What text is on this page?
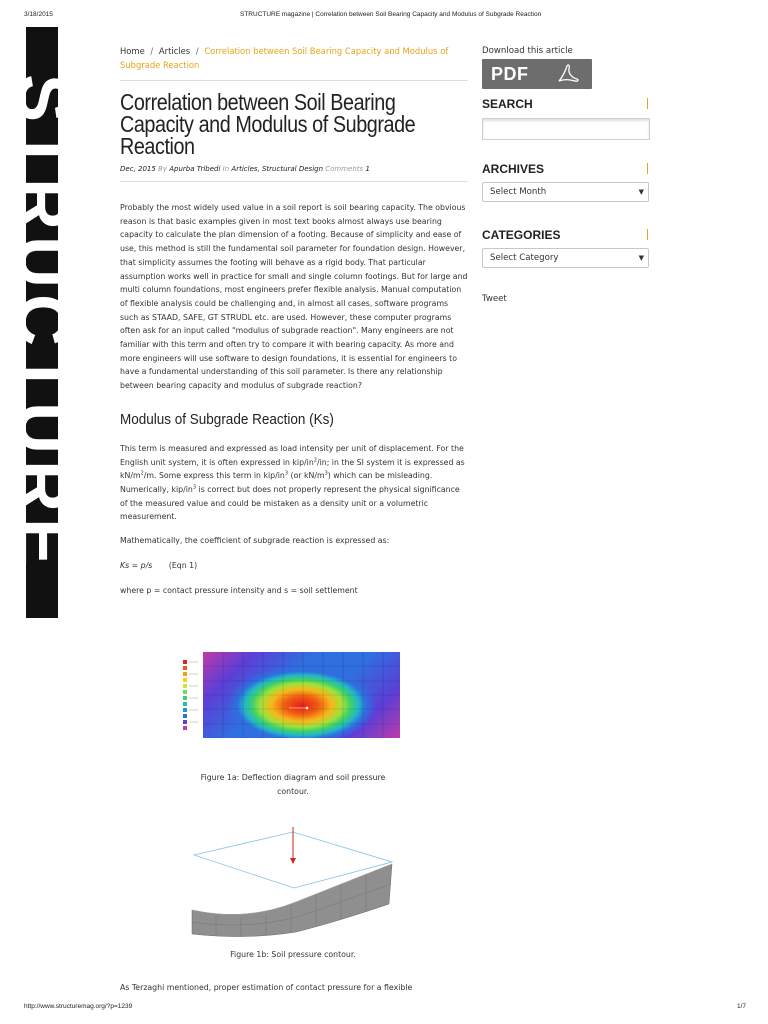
3/18/2015	STRUCTURE magazine | Correlation between Soil Bearing Capacity and Modulus of Subgrade Reaction
STRUCTURE
Home / Articles / Correlation between Soil Bearing Capacity and Modulus of Subgrade Reaction
Correlation between Soil Bearing Capacity and Modulus of Subgrade Reaction
Dec, 2015 By Apurba Tribedi In Articles, Structural Design Comments 1

Probably the most widely used value in a soil report is soil bearing capacity. The obvious reason is that basic examples given in most text books almost always use bearing capacity to calculate the plan dimension of a footing. Because of simplicity and ease of use, this method is still the fundamental soil parameter for foundation design. However, that simplicity assumes the footing will behave as a rigid body. That particular assumption works well in practice for small and single column footings. But for large and multi column foundations, most engineers prefer flexible analysis. Manual computation of flexible analysis could be challenging and, in almost all cases, software programs such as STAAD, SAFE, GT STRUDL etc. are used. However, these computer programs often ask for an input called "modulus of subgrade reaction". Many engineers are not familiar with this term and often try to compare it with bearing capacity. As more and more engineers will use software to design foundations, it is essential for engineers to have a fundamental understanding of this soil parameter. Is there any relationship between bearing capacity and modulus of subgrade reaction?

Modulus of Subgrade Reaction (Ks)

This term is measured and expressed as load intensity per unit of displacement. For the English unit system, it is often expressed in kip/$in^2/in$; in the SI system it is expressed as $kN/m^2/m$. Some express this term in kip/$in^3$ (or $kN/m^3$) which can be misleading. Numerically, kip/$in^3$ is correct but does not properly represent the physical significance of the measured value and could be mistaken as a density unit or a volumetric measurement.

Mathematically, the coefficient of subgrade reaction is expressed as:
Ks = p/s (Eqn 1)
where p = contact pressure intensity and s = soil settlement
Figure 1a: Deflection diagram and soil pressure contour.
Figure 1b: Soil pressure contour.
As Terzaghi mentioned, proper estimation of contact pressure for a flexible
Download this article
PDF
SEARCH
ARCHIVES
Select Month	▼
CATEGORIES
Select Category	▼
Tweet
http://www.structuremag.org/?p=1239	1/7
